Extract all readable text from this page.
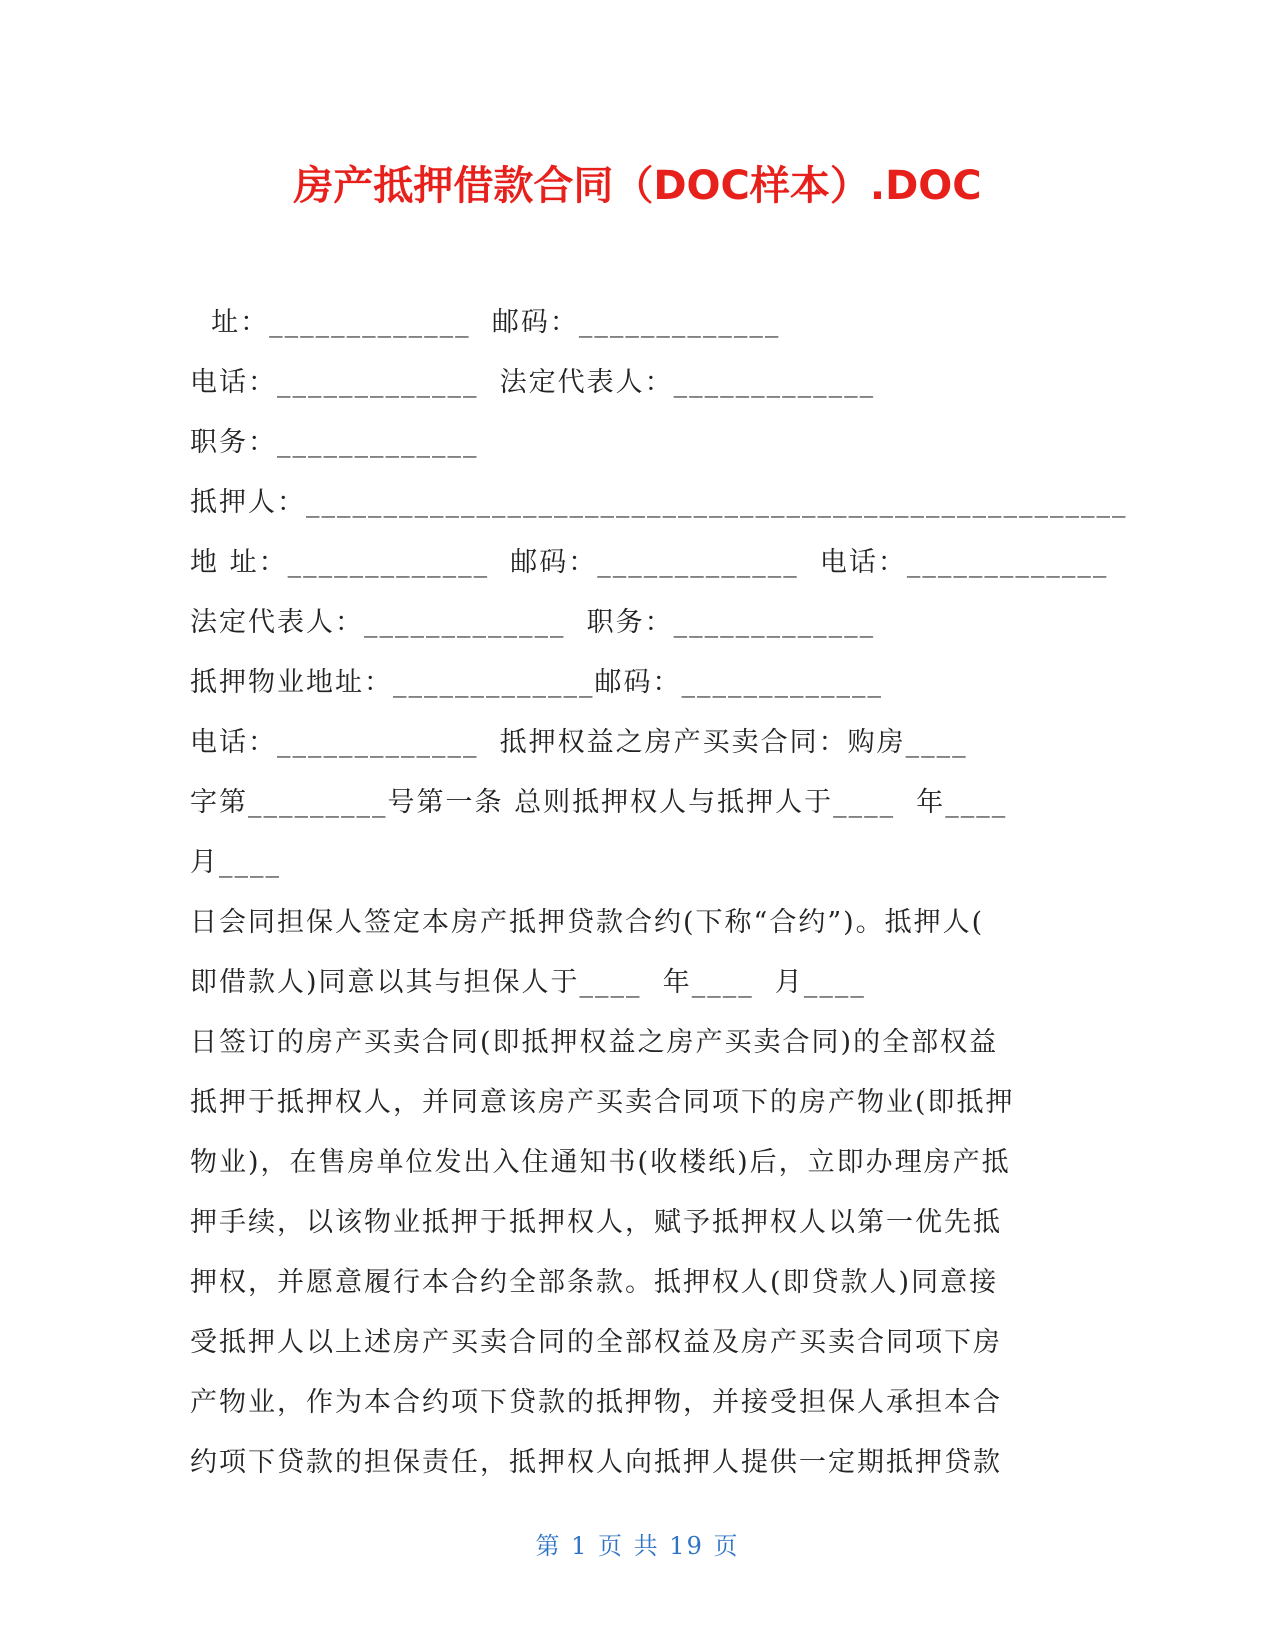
房产抵押借款合同（DOC样本）.DOC
址：_____________  邮码：_____________
电话：_____________  法定代表人：_____________
职务：_____________
抵押人：_____________________________________________________
地 址：_____________  邮码：_____________  电话：_____________
法定代表人：_____________  职务：_____________
抵押物业地址：_____________邮码：_____________
电话：_____________  抵押权益之房产买卖合同：购房____
字第_________号第一条 总则抵押权人与抵押人于____  年____
月____
日会同担保人签定本房产抵押贷款合约(下称“合约”)。抵押人(
即借款人)同意以其与担保人于____  年____  月____
日签订的房产买卖合同(即抵押权益之房产买卖合同)的全部权益
抵押于抵押权人，并同意该房产买卖合同项下的房产物业(即抵押
物业)，在售房单位发出入住通知书(收楼纸)后，立即办理房产抵
押手续，以该物业抵押于抵押权人，赋予抵押权人以第一优先抵
押权，并愿意履行本合约全部条款。抵押权人(即贷款人)同意接
受抵押人以上述房产买卖合同的全部权益及房产买卖合同项下房
产物业，作为本合约项下贷款的抵押物，并接受担保人承担本合
约项下贷款的担保责任，抵押权人向抵押人提供一定期抵押贷款
第 1 页 共 19 页
